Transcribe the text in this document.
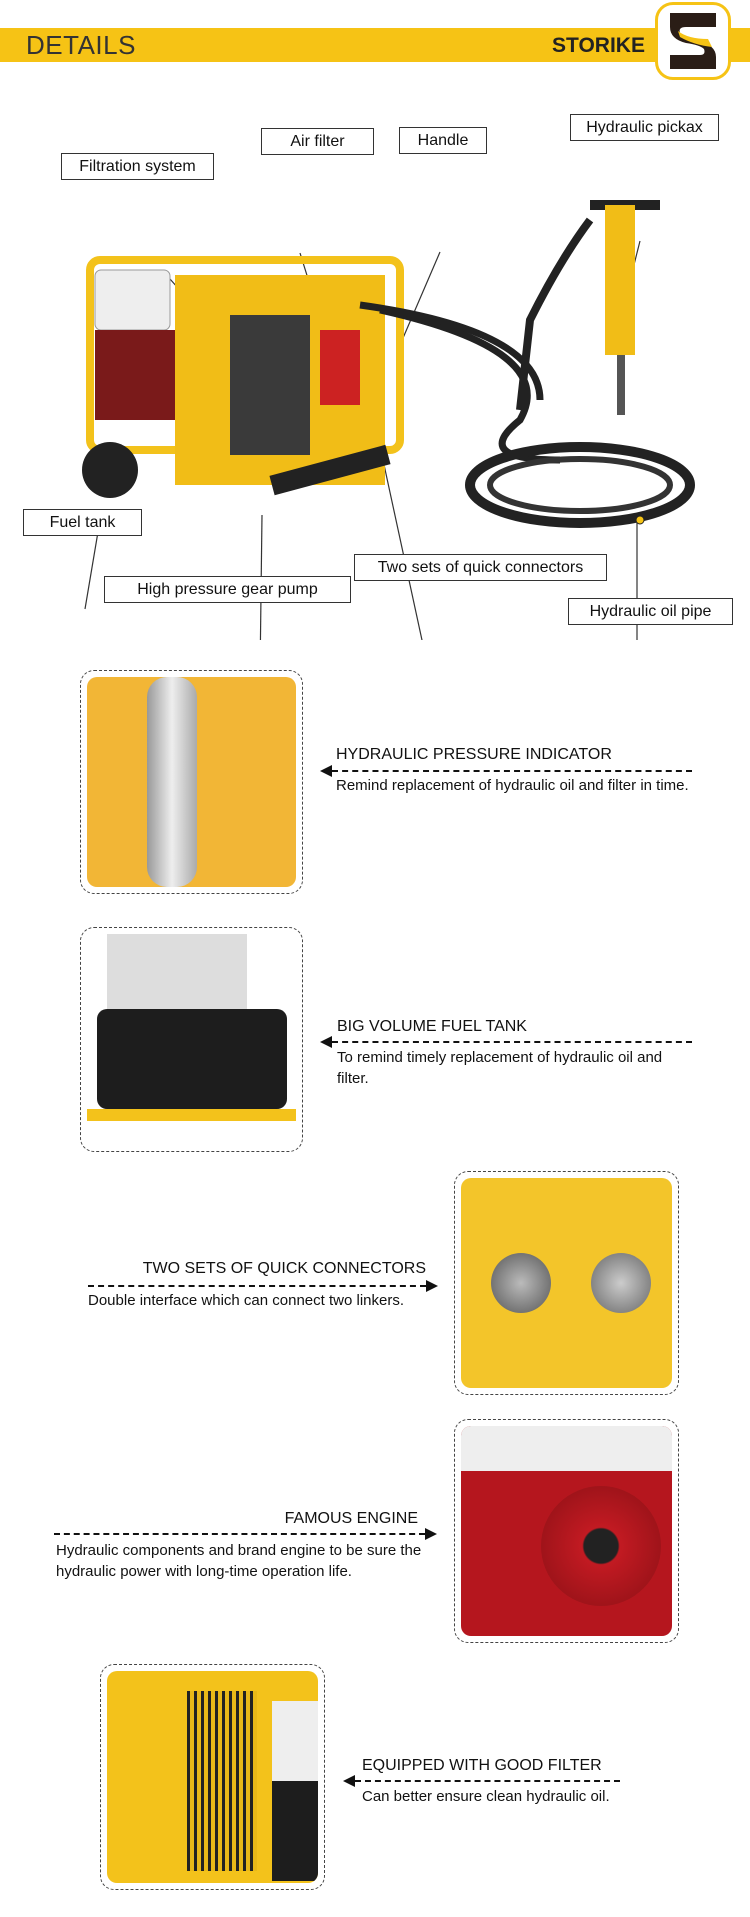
DETAILS	STORIKE
Filtration system
Air filter	Handle
Hydraulic pickax
Fuel tank
High pressure gear pump
Two sets of quick connectors
Hydraulic oil pipe
HYDRAULIC PRESSURE INDICATOR
Remind replacement of hydraulic oil and filter in time.
BIG VOLUME FUEL TANK
To remind timely replacement of hydraulic oil and filter.
TWO SETS OF QUICK CONNECTORS
Double interface which can connect two linkers.
FAMOUS ENGINE
Hydraulic components and brand engine to be sure the hydraulic power with long-time operation life.
EQUIPPED WITH GOOD FILTER
Can better ensure clean hydraulic oil.
